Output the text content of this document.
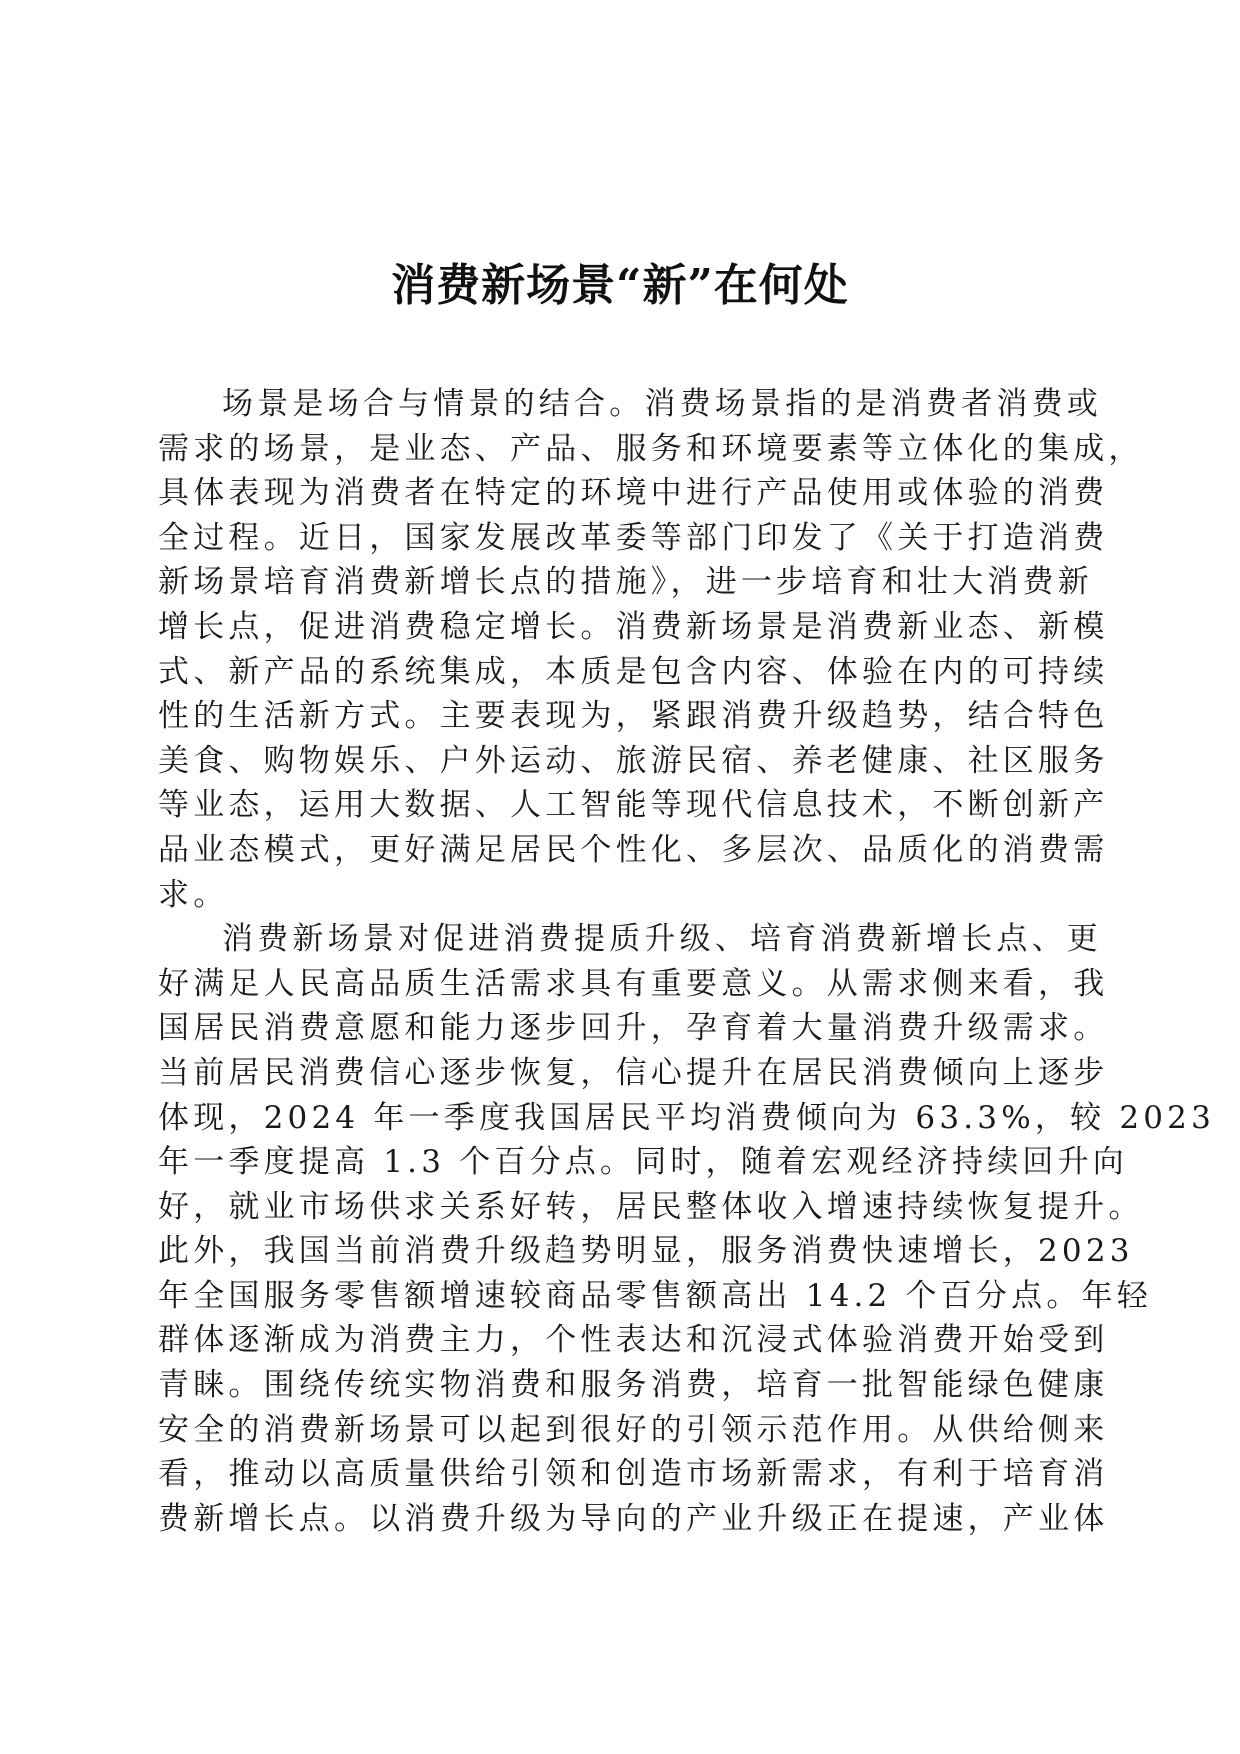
消费新场景“新”在何处
场景是场合与情景的结合。消费场景指的是消费者消费或
需求的场景，是业态、产品、服务和环境要素等立体化的集成，
具体表现为消费者在特定的环境中进行产品使用或体验的消费
全过程。近日，国家发展改革委等部门印发了《关于打造消费
新场景培育消费新增长点的措施》，进一步培育和壮大消费新
增长点，促进消费稳定增长。消费新场景是消费新业态、新模
式、新产品的系统集成，本质是包含内容、体验在内的可持续
性的生活新方式。主要表现为，紧跟消费升级趋势，结合特色
美食、购物娱乐、户外运动、旅游民宿、养老健康、社区服务
等业态，运用大数据、人工智能等现代信息技术，不断创新产
品业态模式，更好满足居民个性化、多层次、品质化的消费需
求。
消费新场景对促进消费提质升级、培育消费新增长点、更
好满足人民高品质生活需求具有重要意义。从需求侧来看，我
国居民消费意愿和能力逐步回升，孕育着大量消费升级需求。
当前居民消费信心逐步恢复，信心提升在居民消费倾向上逐步
体现，2024 年一季度我国居民平均消费倾向为 63.3%，较 2023
年一季度提高 1.3 个百分点。同时，随着宏观经济持续回升向
好，就业市场供求关系好转，居民整体收入增速持续恢复提升。
此外，我国当前消费升级趋势明显，服务消费快速增长，2023
年全国服务零售额增速较商品零售额高出 14.2 个百分点。年轻
群体逐渐成为消费主力，个性表达和沉浸式体验消费开始受到
青睐。围绕传统实物消费和服务消费，培育一批智能绿色健康
安全的消费新场景可以起到很好的引领示范作用。从供给侧来
看，推动以高质量供给引领和创造市场新需求，有利于培育消
费新增长点。以消费升级为导向的产业升级正在提速，产业体
